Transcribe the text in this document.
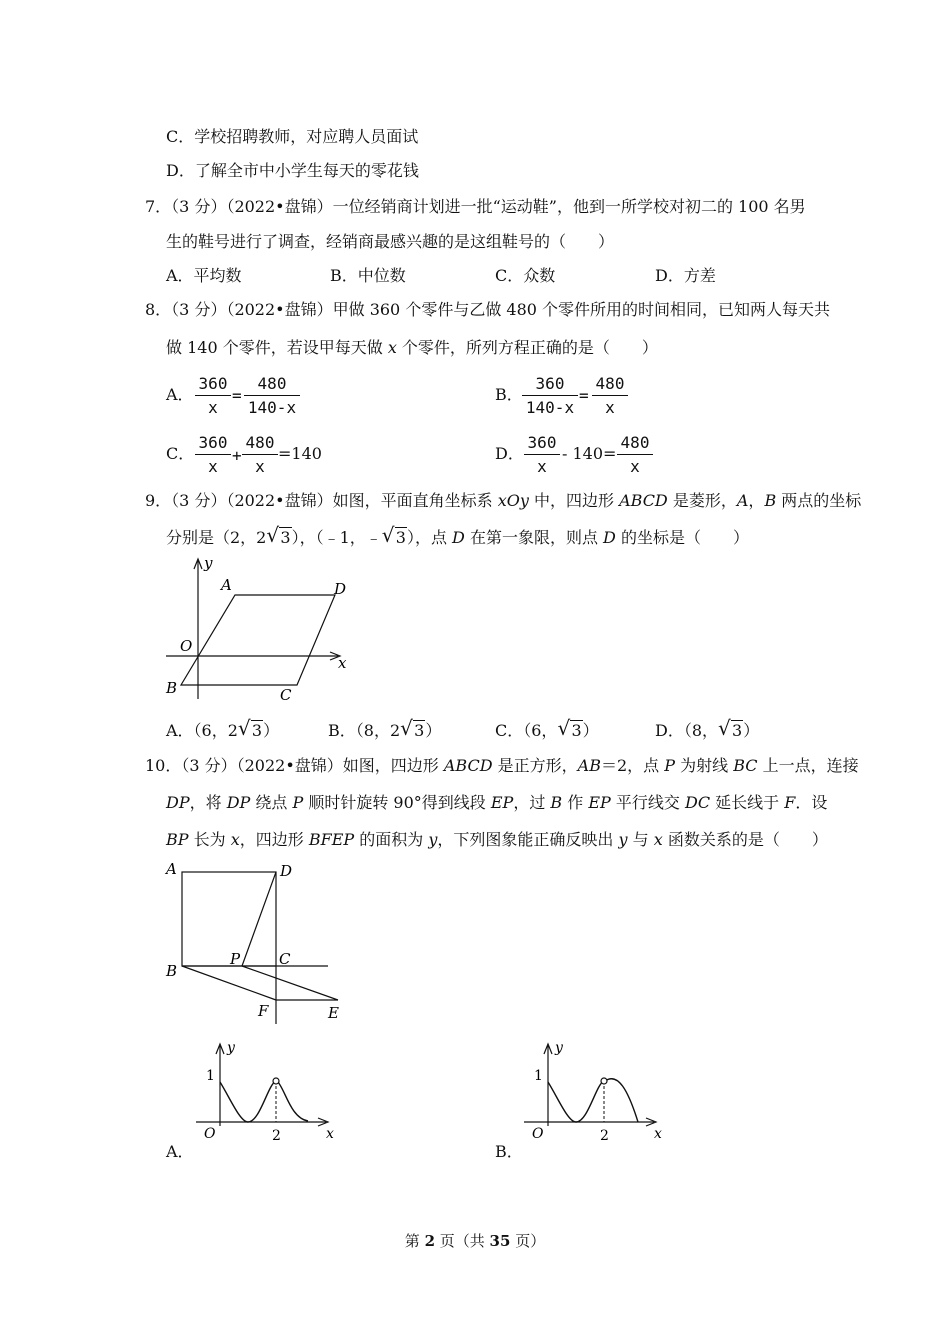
C．学校招聘教师，对应聘人员面试
D．了解全市中小学生每天的零花钱
7．（3 分）（2022•盘锦）一位经销商计划进一批“运动鞋”，他到一所学校对初二的 100 名男
生的鞋号进行了调查，经销商最感兴趣的是这组鞋号的（　　）
A．平均数	B．中位数	C．众数	D．方差
8．（3 分）（2022•盘锦）甲做 360 个零件与乙做 480 个零件所用的时间相同，已知两人每天共
做 140 个零件，若设甲每天做 x 个零件，所列方程正确的是（　　）
A．
360
x
=
480
140-x
B．
360
140-x
=
480
x
C．
360
x
+
480
x
=140	D．
360
x
- 140=
480
x
9．（3 分）（2022•盘锦）如图，平面直角坐标系 xOy 中，四边形 ABCD 是菱形，A，B 两点的坐标
分别是（2，2 √ 3），（﹣1，﹣ √ 3），点 D 在第一象限，则点 D 的坐标是（　　）
y
x
O
A	D
B	C
A．（6，2 √ 3）	B．（8，2 √ 3）	C．（6， √ 3）	D．（8， √ 3）
10．（3 分）（2022•盘锦）如图，四边形 ABCD 是正方形，AB＝2，点 P 为射线 BC 上一点，连接
DP，将 DP 绕点 P 顺时针旋转 90°得到线段 EP，过 B 作 EP 平行线交 DC 延长线于 F．设
BP 长为 x，四边形 BFEP 的面积为 y，下列图象能正确反映出 y 与 x 函数关系的是（　　）
A	D
B
P	C
F	E
y
x
O
1
2
A．
y
x
O
1
2
B．
第 2 页（共 35 页）
